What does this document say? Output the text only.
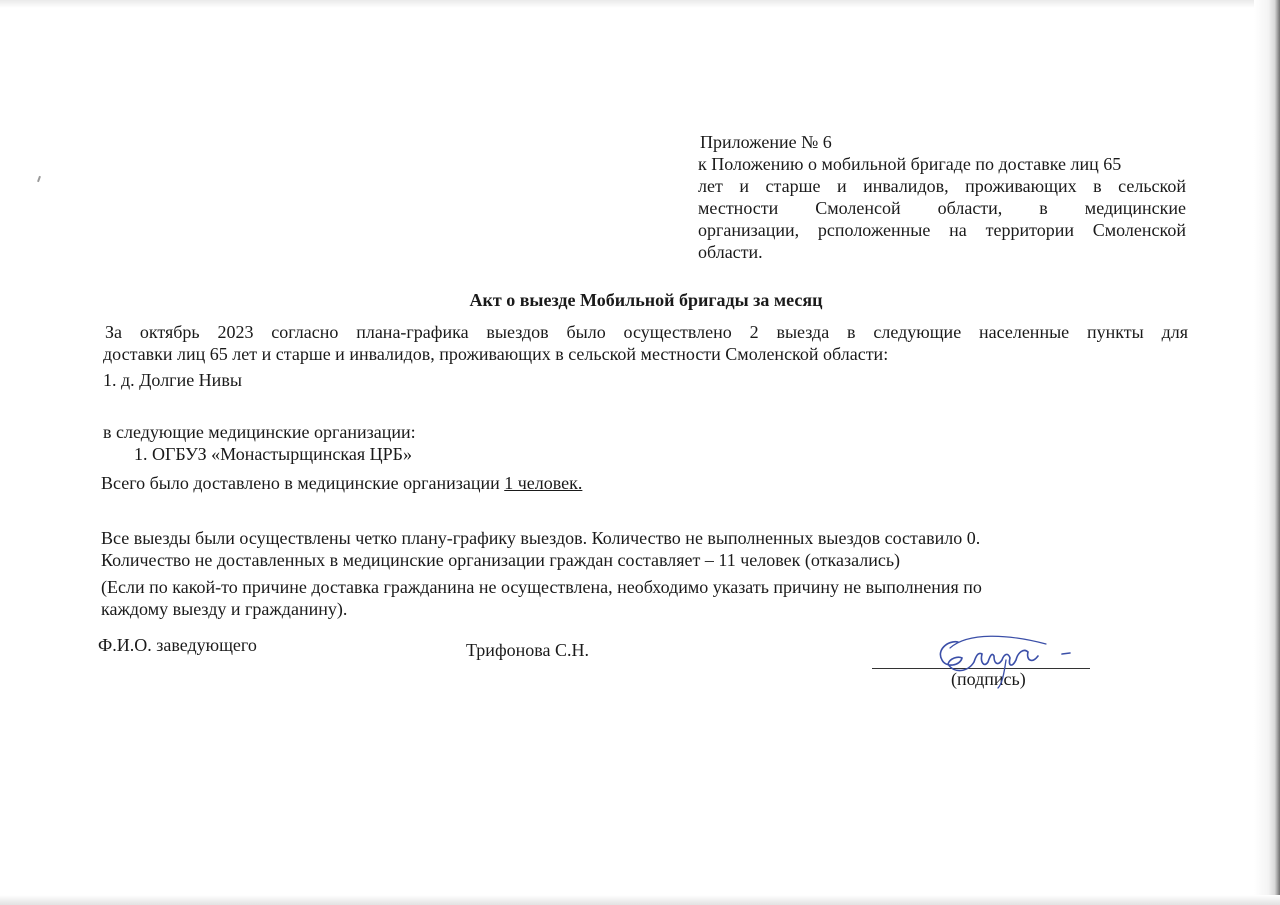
Приложение № 6
к Положению о мобильной бригаде по доставке лиц 65
лет и старше и инвалидов, проживающих в сельской
местности Смоленсой области, в медицинские
организации, рсположенные на территории Смоленской
области.
Акт о выезде Мобильной бригады за месяц
За октябрь 2023 согласно плана-графика выездов было осуществлено 2 выезда в следующие населенные пункты для
доставки лиц 65 лет и старше и инвалидов, проживающих в сельской местности Смоленской области:
1. д. Долгие Нивы
в следующие медицинские организации:
1. ОГБУЗ «Монастырщинская ЦРБ»
Всего было доставлено в медицинские организации 1 человек.
Все выезды были осуществлены четко плану-графику выездов. Количество не выполненных выездов составило 0.
Количество не доставленных в медицинские организации граждан составляет – 11 человек (отказались)
(Если по какой-то причине доставка гражданина не осуществлена, необходимо указать причину не выполнения по
каждому выезду и гражданину).
Ф.И.О. заведующего	Трифонова С.Н.
(подпись)
